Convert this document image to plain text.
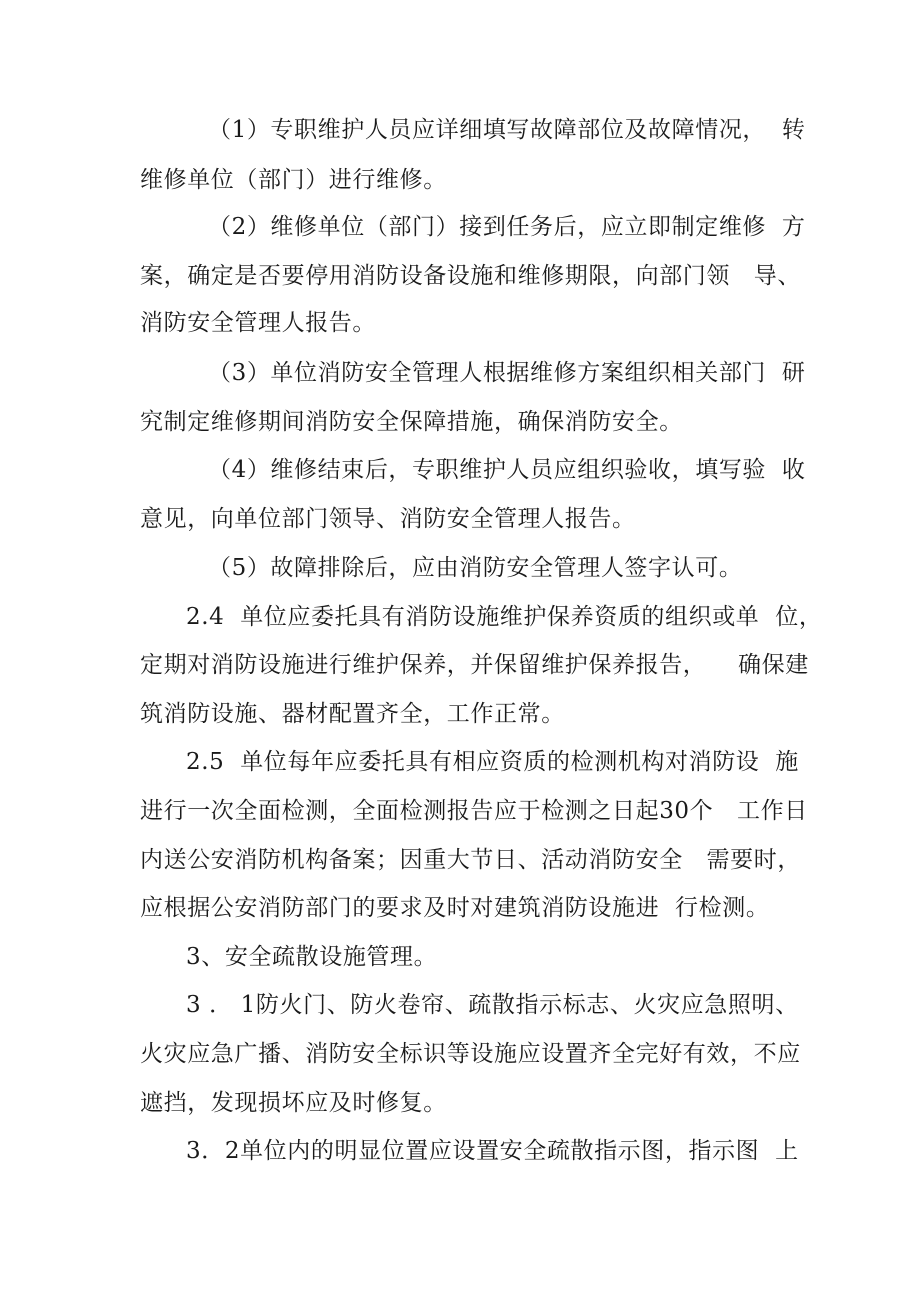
（1）专职维护人员应详细填写故障部位及故障情况，  转
维修单位（部门）进行维修。
（2）维修单位（部门）接到任务后，应立即制定维修  方
案，确定是否要停用消防设备设施和维修期限，向部门领   导、
消防安全管理人报告。
（3）单位消防安全管理人根据维修方案组织相关部门  研
究制定维修期间消防安全保障措施，确保消防安全。
（4）维修结束后，专职维护人员应组织验收，填写验  收
意见，向单位部门领导、消防安全管理人报告。
（5）故障排除后，应由消防安全管理人签字认可。
2.4  单位应委托具有消防设施维护保养资质的组织或单  位，
定期对消防设施进行维护保养，并保留维护保养报告，    确保建
筑消防设施、器材配置齐全，工作正常。
2.5  单位每年应委托具有相应资质的检测机构对消防设  施
进行一次全面检测，全面检测报告应于检测之日起30个   工作日
内送公安消防机构备案；因重大节日、活动消防安全   需要时，
应根据公安消防部门的要求及时对建筑消防设施进  行检测。
3、安全疏散设施管理。
3 ． 1防火门、防火卷帘、疏散指示标志、火灾应急照明、
火灾应急广播、消防安全标识等设施应设置齐全完好有效，不应
遮挡，发现损坏应及时修复。
3．2单位内的明显位置应设置安全疏散指示图，指示图  上
